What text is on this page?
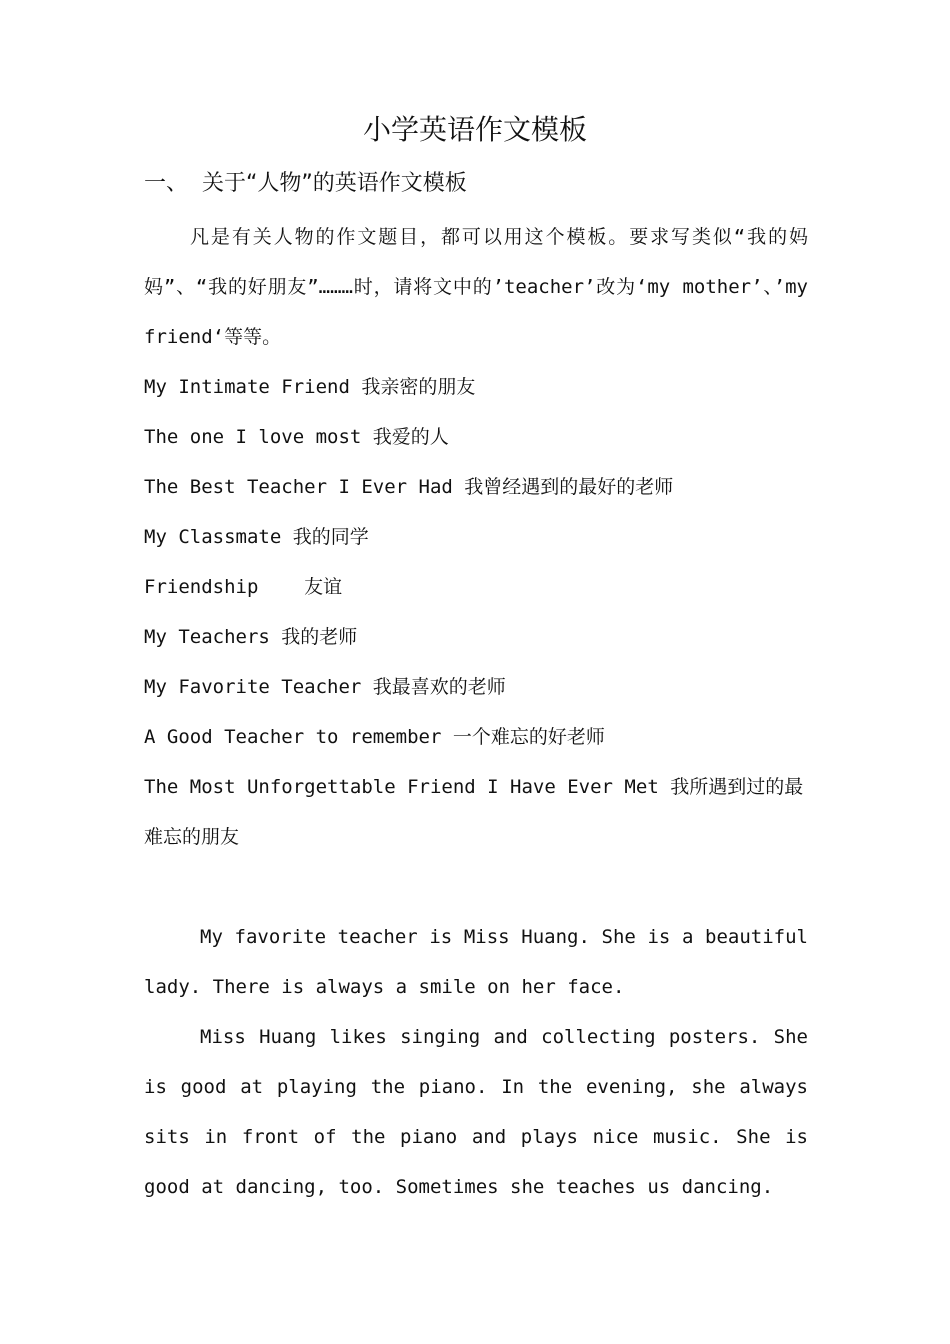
小学英语作文模板
一、  关于“人物”的英语作文模板

凡是有关人物的作文题目，都可以用这个模板。要求写类似“我的妈妈”、“我的好朋友”………时，请将文中的’teacher’改为‘my mother’、’my friend‘等等。

My Intimate Friend 我亲密的朋友

The one I love most 我爱的人

The Best Teacher I Ever Had 我曾经遇到的最好的老师

My Classmate 我的同学

Friendship    友谊

My Teachers 我的老师

My Favorite Teacher 我最喜欢的老师

A Good Teacher to remember 一个难忘的好老师

The Most Unforgettable Friend I Have Ever Met 我所遇到过的最难忘的朋友

My favorite teacher is Miss Huang. She is a beautiful lady. There is always a smile on her face.

Miss Huang likes singing and collecting posters. She is good at playing the piano. In the evening, she always sits in front of the piano and plays nice music. She is good at dancing, too. Sometimes she teaches us dancing.
